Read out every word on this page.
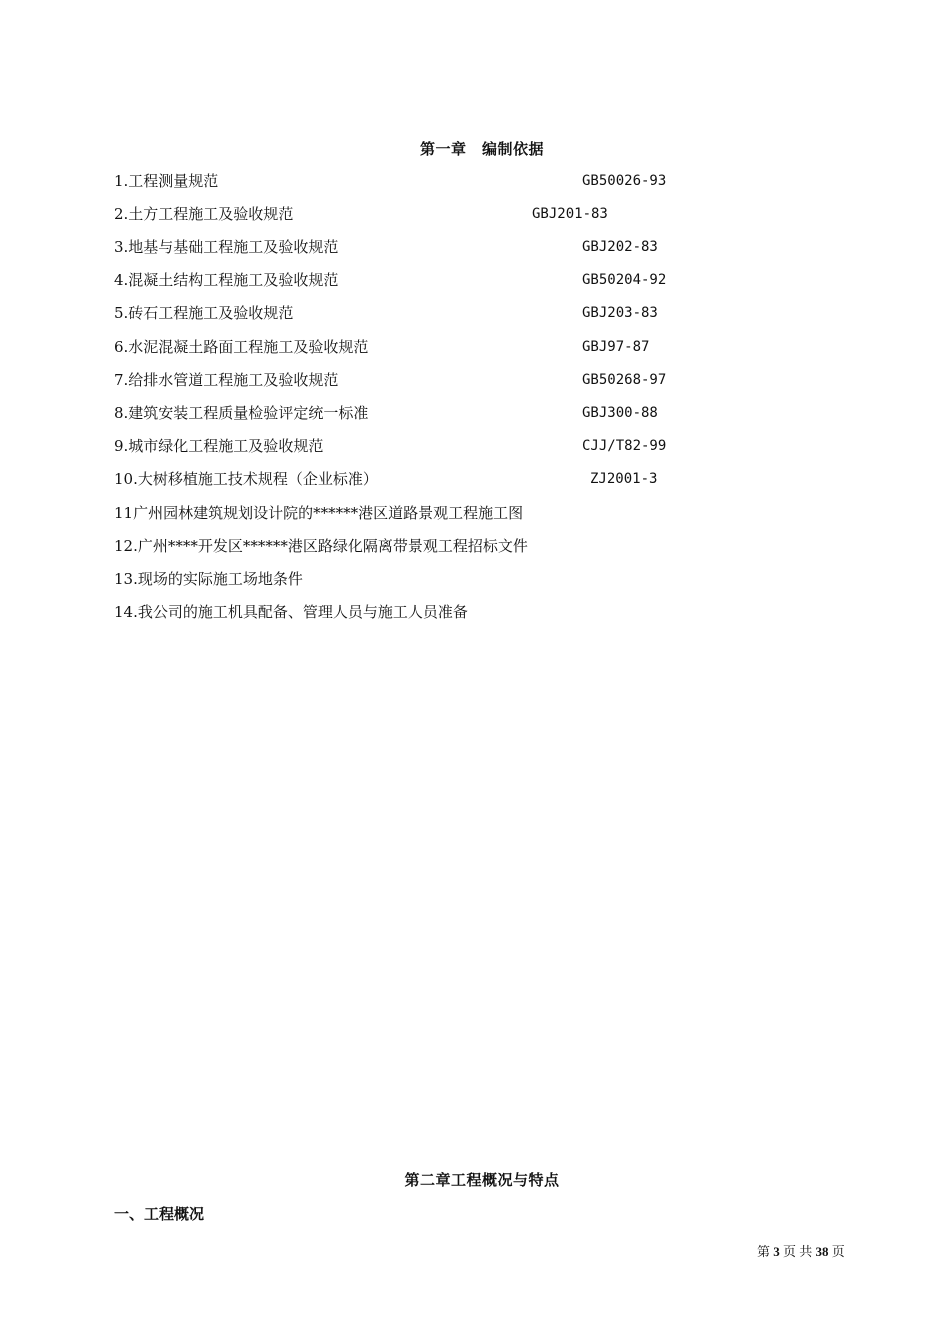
第一章　编制依据
1.工程测量规范	GB50026-93
2.土方工程施工及验收规范	GBJ201-83
3.地基与基础工程施工及验收规范	GBJ202-83
4.混凝土结构工程施工及验收规范	GB50204-92
5.砖石工程施工及验收规范	GBJ203-83
6.水泥混凝土路面工程施工及验收规范	GBJ97-87
7.给排水管道工程施工及验收规范	GB50268-97
8.建筑安装工程质量检验评定统一标准	GBJ300-88
9.城市绿化工程施工及验收规范	CJJ/T82-99
10.大树移植施工技术规程（企业标准）	ZJ2001-3
11广州园林建筑规划设计院的******港区道路景观工程施工图
12.广州****开发区******港区路绿化隔离带景观工程招标文件
13.现场的实际施工场地条件
14.我公司的施工机具配备、管理人员与施工人员准备
第二章工程概况与特点
一、工程概况
第 3 页 共 38 页
